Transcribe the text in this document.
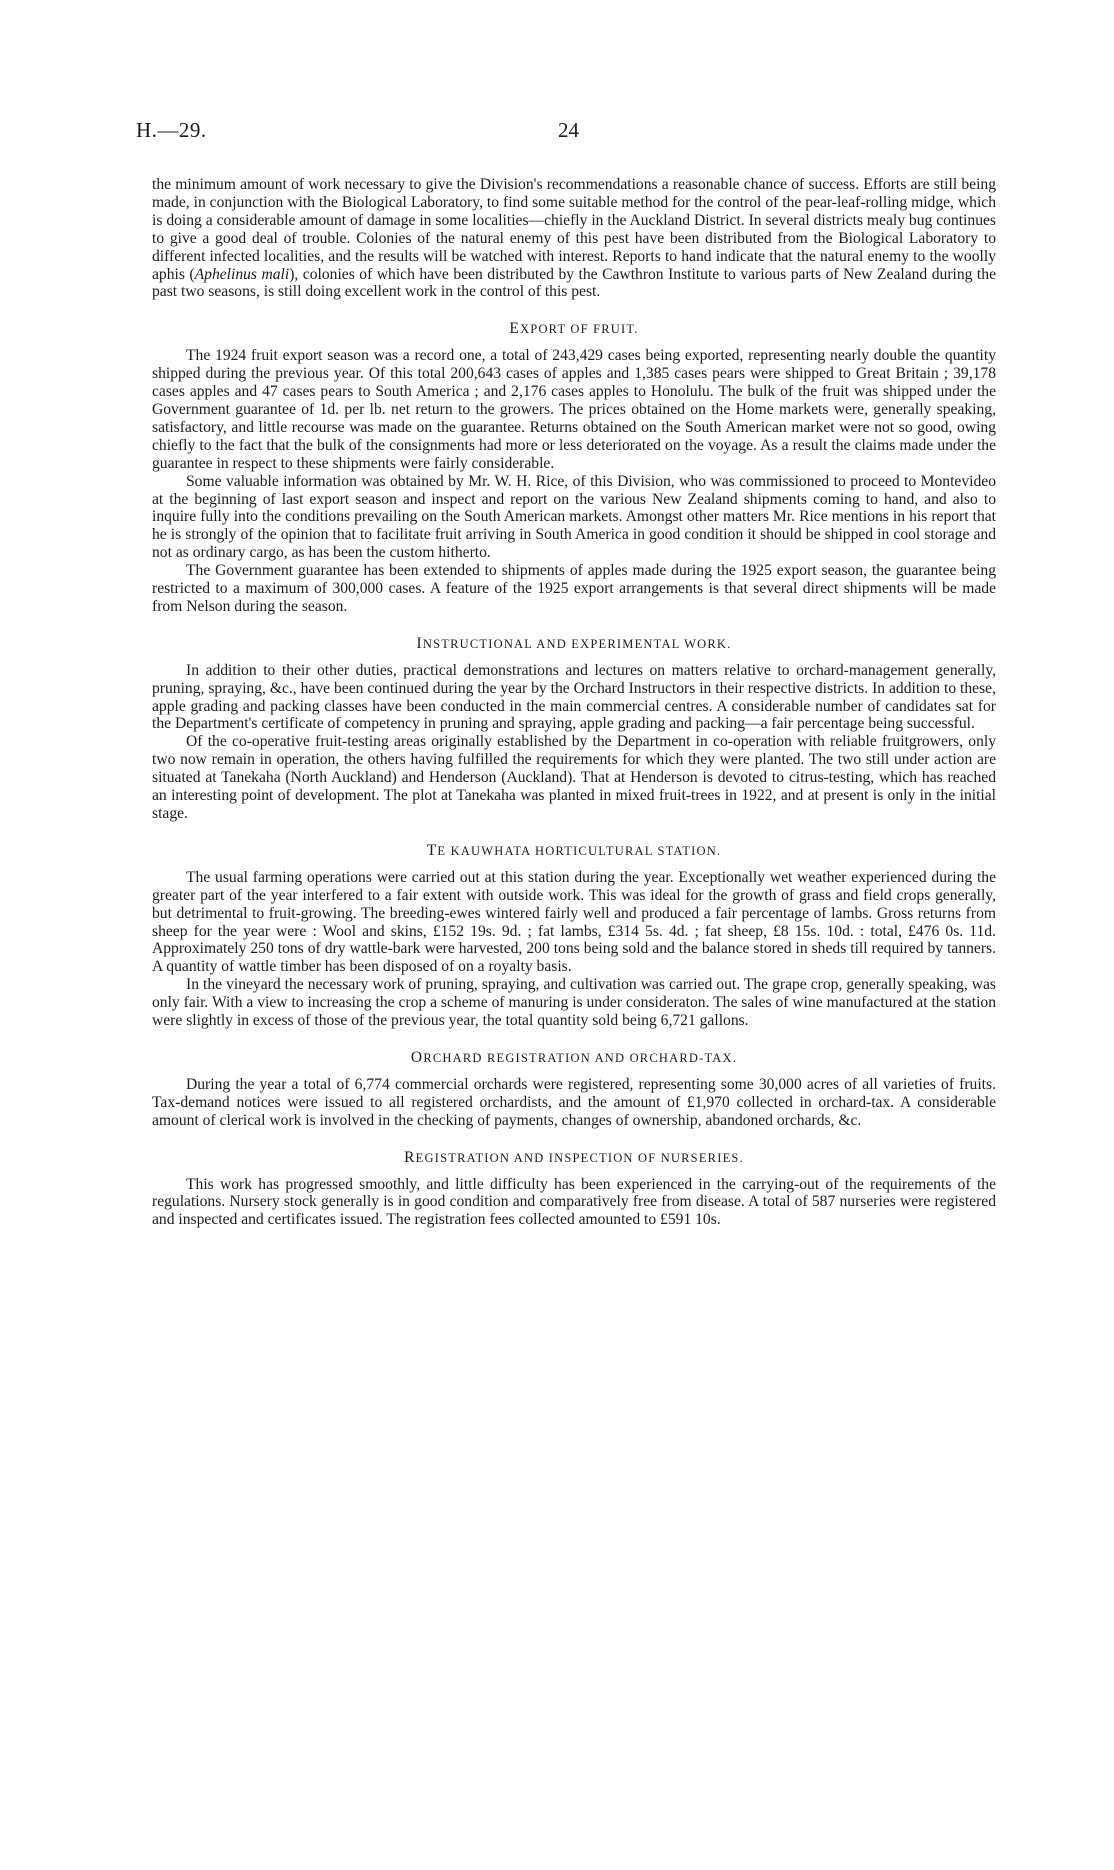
H.—29.	24

the minimum amount of work necessary to give the Division's recommendations a reasonable chance of success. Efforts are still being made, in conjunction with the Biological Laboratory, to find some suitable method for the control of the pear-leaf-rolling midge, which is doing a considerable amount of damage in some localities—chiefly in the Auckland District. In several districts mealy bug continues to give a good deal of trouble. Colonies of the natural enemy of this pest have been distributed from the Biological Laboratory to different infected localities, and the results will be watched with interest. Reports to hand indicate that the natural enemy to the woolly aphis (Aphelinus mali), colonies of which have been distributed by the Cawthron Institute to various parts of New Zealand during the past two seasons, is still doing excellent work in the control of this pest.

EXPORT OF FRUIT.

The 1924 fruit export season was a record one, a total of 243,429 cases being exported, representing nearly double the quantity shipped during the previous year. Of this total 200,643 cases of apples and 1,385 cases pears were shipped to Great Britain ; 39,178 cases apples and 47 cases pears to South America ; and 2,176 cases apples to Honolulu. The bulk of the fruit was shipped under the Government guarantee of 1d. per lb. net return to the growers. The prices obtained on the Home markets were, generally speaking, satisfactory, and little recourse was made on the guarantee. Returns obtained on the South American market were not so good, owing chiefly to the fact that the bulk of the consignments had more or less deteriorated on the voyage. As a result the claims made under the guarantee in respect to these shipments were fairly considerable.

Some valuable information was obtained by Mr. W. H. Rice, of this Division, who was commissioned to proceed to Montevideo at the beginning of last export season and inspect and report on the various New Zealand shipments coming to hand, and also to inquire fully into the conditions prevailing on the South American markets. Amongst other matters Mr. Rice mentions in his report that he is strongly of the opinion that to facilitate fruit arriving in South America in good condition it should be shipped in cool storage and not as ordinary cargo, as has been the custom hitherto.

The Government guarantee has been extended to shipments of apples made during the 1925 export season, the guarantee being restricted to a maximum of 300,000 cases. A feature of the 1925 export arrangements is that several direct shipments will be made from Nelson during the season.

INSTRUCTIONAL AND EXPERIMENTAL WORK.

In addition to their other duties, practical demonstrations and lectures on matters relative to orchard-management generally, pruning, spraying, &c., have been continued during the year by the Orchard Instructors in their respective districts. In addition to these, apple grading and packing classes have been conducted in the main commercial centres. A considerable number of candidates sat for the Department's certificate of competency in pruning and spraying, apple grading and packing—a fair percentage being successful.

Of the co-operative fruit-testing areas originally established by the Department in co-operation with reliable fruitgrowers, only two now remain in operation, the others having fulfilled the requirements for which they were planted. The two still under action are situated at Tanekaha (North Auckland) and Henderson (Auckland). That at Henderson is devoted to citrus-testing, which has reached an interesting point of development. The plot at Tanekaha was planted in mixed fruit-trees in 1922, and at present is only in the initial stage.

TE KAUWHATA HORTICULTURAL STATION.

The usual farming operations were carried out at this station during the year. Exceptionally wet weather experienced during the greater part of the year interfered to a fair extent with outside work. This was ideal for the growth of grass and field crops generally, but detrimental to fruit-growing. The breeding-ewes wintered fairly well and produced a fair percentage of lambs. Gross returns from sheep for the year were : Wool and skins, £152 19s. 9d. ; fat lambs, £314 5s. 4d. ; fat sheep, £8 15s. 10d. : total, £476 0s. 11d. Approximately 250 tons of dry wattle-bark were harvested, 200 tons being sold and the balance stored in sheds till required by tanners. A quantity of wattle timber has been disposed of on a royalty basis.

In the vineyard the necessary work of pruning, spraying, and cultivation was carried out. The grape crop, generally speaking, was only fair. With a view to increasing the crop a scheme of manuring is under consideraton. The sales of wine manufactured at the station were slightly in excess of those of the previous year, the total quantity sold being 6,721 gallons.

ORCHARD REGISTRATION AND ORCHARD-TAX.

During the year a total of 6,774 commercial orchards were registered, representing some 30,000 acres of all varieties of fruits. Tax-demand notices were issued to all registered orchardists, and the amount of £1,970 collected in orchard-tax. A considerable amount of clerical work is involved in the checking of payments, changes of ownership, abandoned orchards, &c.

REGISTRATION AND INSPECTION OF NURSERIES.

This work has progressed smoothly, and little difficulty has been experienced in the carrying-out of the requirements of the regulations. Nursery stock generally is in good condition and comparatively free from disease. A total of 587 nurseries were registered and inspected and certificates issued. The registration fees collected amounted to £591 10s.
